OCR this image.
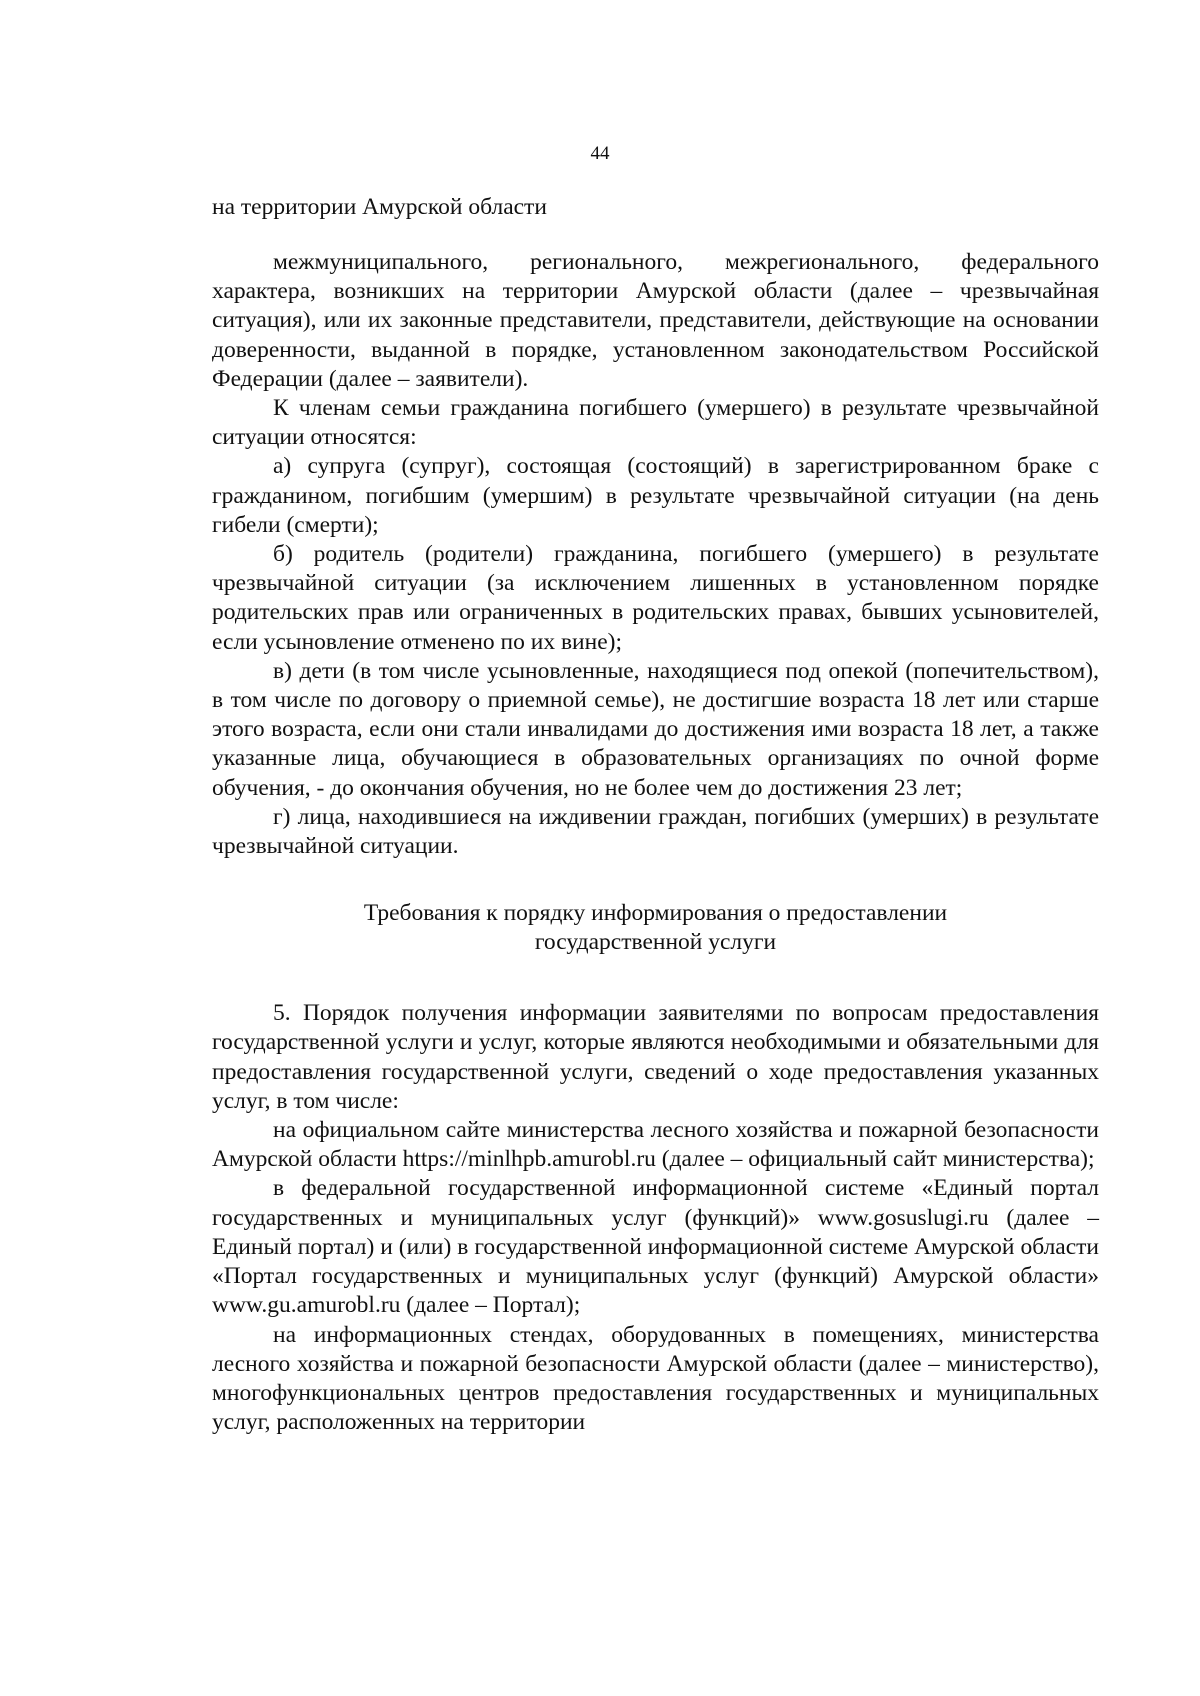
44
на территории Амурской области

межмуниципального, регионального, межрегионального, федерального характера, возникших на территории Амурской области (далее – чрезвычайная ситуация), или их законные представители, представители, действующие на основании доверенности, выданной в порядке, установленном законодательством Российской Федерации (далее – заявители).

К членам семьи гражданина погибшего (умершего) в результате чрезвычайной ситуации относятся:

а) супруга (супруг), состоящая (состоящий) в зарегистрированном браке с гражданином, погибшим (умершим) в результате чрезвычайной ситуации (на день гибели (смерти);

б) родитель (родители) гражданина, погибшего (умершего) в результате чрезвычайной ситуации (за исключением лишенных в установленном порядке родительских прав или ограниченных в родительских правах, бывших усыновителей, если усыновление отменено по их вине);

в) дети (в том числе усыновленные, находящиеся под опекой (попечительством), в том числе по договору о приемной семье), не достигшие возраста 18 лет или старше этого возраста, если они стали инвалидами до достижения ими возраста 18 лет, а также указанные лица, обучающиеся в образовательных организациях по очной форме обучения, - до окончания обучения, но не более чем до достижения 23 лет;

г) лица, находившиеся на иждивении граждан, погибших (умерших) в результате чрезвычайной ситуации.

Требования к порядку информирования о предоставлении
государственной услуги

5. Порядок получения информации заявителями по вопросам предоставления государственной услуги и услуг, которые являются необходимыми и обязательными для предоставления государственной услуги, сведений о ходе предоставления указанных услуг, в том числе:

на официальном сайте министерства лесного хозяйства и пожарной безопасности Амурской области https://minlhpb.amurobl.ru (далее – официальный сайт министерства);

в федеральной государственной информационной системе «Единый портал государственных и муниципальных услуг (функций)» www.gosuslugi.ru (далее – Единый портал) и (или) в государственной информационной системе Амурской области «Портал государственных и муниципальных услуг (функций) Амурской области» www.gu.amurobl.ru (далее – Портал);

на информационных стендах, оборудованных в помещениях, министерства лесного хозяйства и пожарной безопасности Амурской области (далее – министерство), многофункциональных центров предоставления государственных и муниципальных услуг, расположенных на территории
